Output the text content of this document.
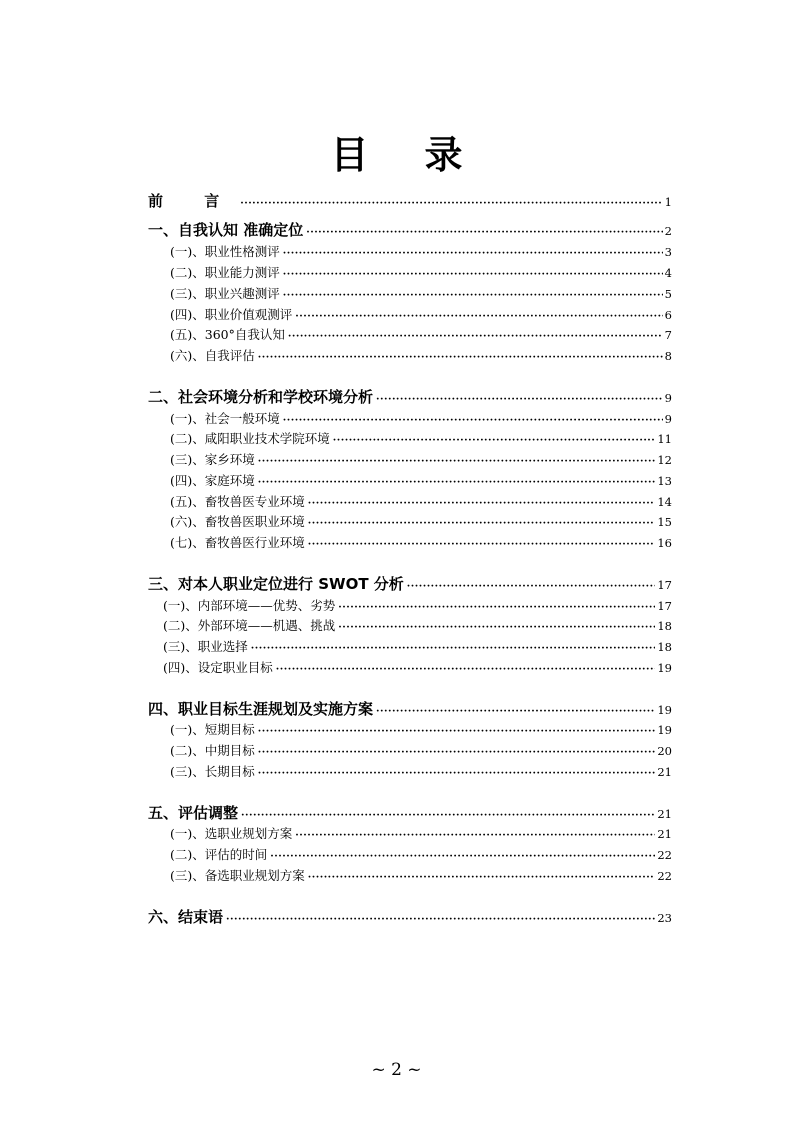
目录
前 言 ·····	1
一、自我认知 准确定位 ·····	2
(一)、职业性格测评 ·····	3
(二)、职业能力测评 ·····	4
(三)、职业兴趣测评 ·····	5
(四)、职业价值观测评 ·····	6
(五)、360°自我认知 ·····	7
(六)、自我评估 ·····	8
二、社会环境分析和学校环境分析 ·····	9
(一)、社会一般环境 ·····	9
(二)、咸阳职业技术学院环境 ·····	11
(三)、家乡环境 ·····	12
(四)、家庭环境 ·····	13
(五)、畜牧兽医专业环境 ·····	14
(六)、畜牧兽医职业环境 ·····	15
(七)、畜牧兽医行业环境 ·····	16
三、对本人职业定位进行 SWOT 分析 ·····	17
(一)、内部环境——优势、劣势 ·····	17
(二)、外部环境——机遇、挑战 ·····	18
(三)、职业选择 ·····	18
(四)、设定职业目标 ·····	19
四、职业目标生涯规划及实施方案 ·····	19
(一)、短期目标 ·····	19
(二)、中期目标 ·····	20
(三)、长期目标 ·····	21
五、评估调整 ·····	21
(一)、选职业规划方案 ·····	21
(二)、评估的时间 ·····	22
(三)、备选职业规划方案 ·····	22
六、结束语 ·····	23
~ 2 ~
